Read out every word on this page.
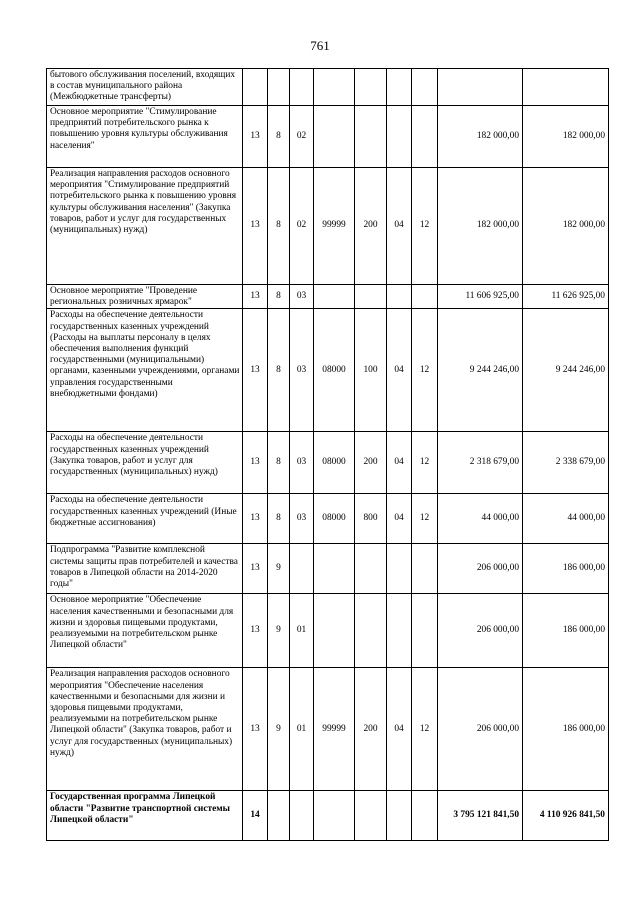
761
бытового обслуживания поселений, входящих в состав муниципального района (Межбюджетные трансферты)									
Основное мероприятие "Стимулирование предприятий потребительского рынка к повышению уровня культуры обслуживания населения"	13	8	02					182 000,00	182 000,00
Реализация направления расходов основного мероприятия "Стимулирование предприятий потребительского рынка к повышению уровня культуры обслуживания населения" (Закупка товаров, работ и услуг для государственных (муниципальных) нужд)	13	8	02	99999	200	04	12	182 000,00	182 000,00
Основное мероприятие "Проведение региональных розничных ярмарок"	13	8	03					11 606 925,00	11 626 925,00
Расходы на обеспечение деятельности государственных казенных учреждений (Расходы на выплаты персоналу в целях обеспечения выполнения функций государственными (муниципальными) органами, казенными учреждениями, органами управления государственными внебюджетными фондами)	13	8	03	08000	100	04	12	9 244 246,00	9 244 246,00
Расходы на обеспечение деятельности государственных казенных учреждений (Закупка товаров, работ и услуг для государственных (муниципальных) нужд)	13	8	03	08000	200	04	12	2 318 679,00	2 338 679,00
Расходы на обеспечение деятельности государственных казенных учреждений (Иные бюджетные ассигнования)	13	8	03	08000	800	04	12	44 000,00	44 000,00
Подпрограмма "Развитие комплексной системы защиты прав потребителей и качества товаров в Липецкой области на 2014-2020 годы"	13	9						206 000,00	186 000,00
Основное мероприятие "Обеспечение населения качественными и безопасными для жизни и здоровья пищевыми продуктами, реализуемыми на потребительском рынке Липецкой области"	13	9	01					206 000,00	186 000,00
Реализация направления расходов основного мероприятия "Обеспечение населения качественными и безопасными для жизни и здоровья пищевыми продуктами, реализуемыми на потребительском рынке Липецкой области" (Закупка товаров, работ и услуг для государственных (муниципальных) нужд)	13	9	01	99999	200	04	12	206 000,00	186 000,00
Государственная программа Липецкой области "Развитие транспортной системы Липецкой области"	14							3 795 121 841,50	4 110 926 841,50
